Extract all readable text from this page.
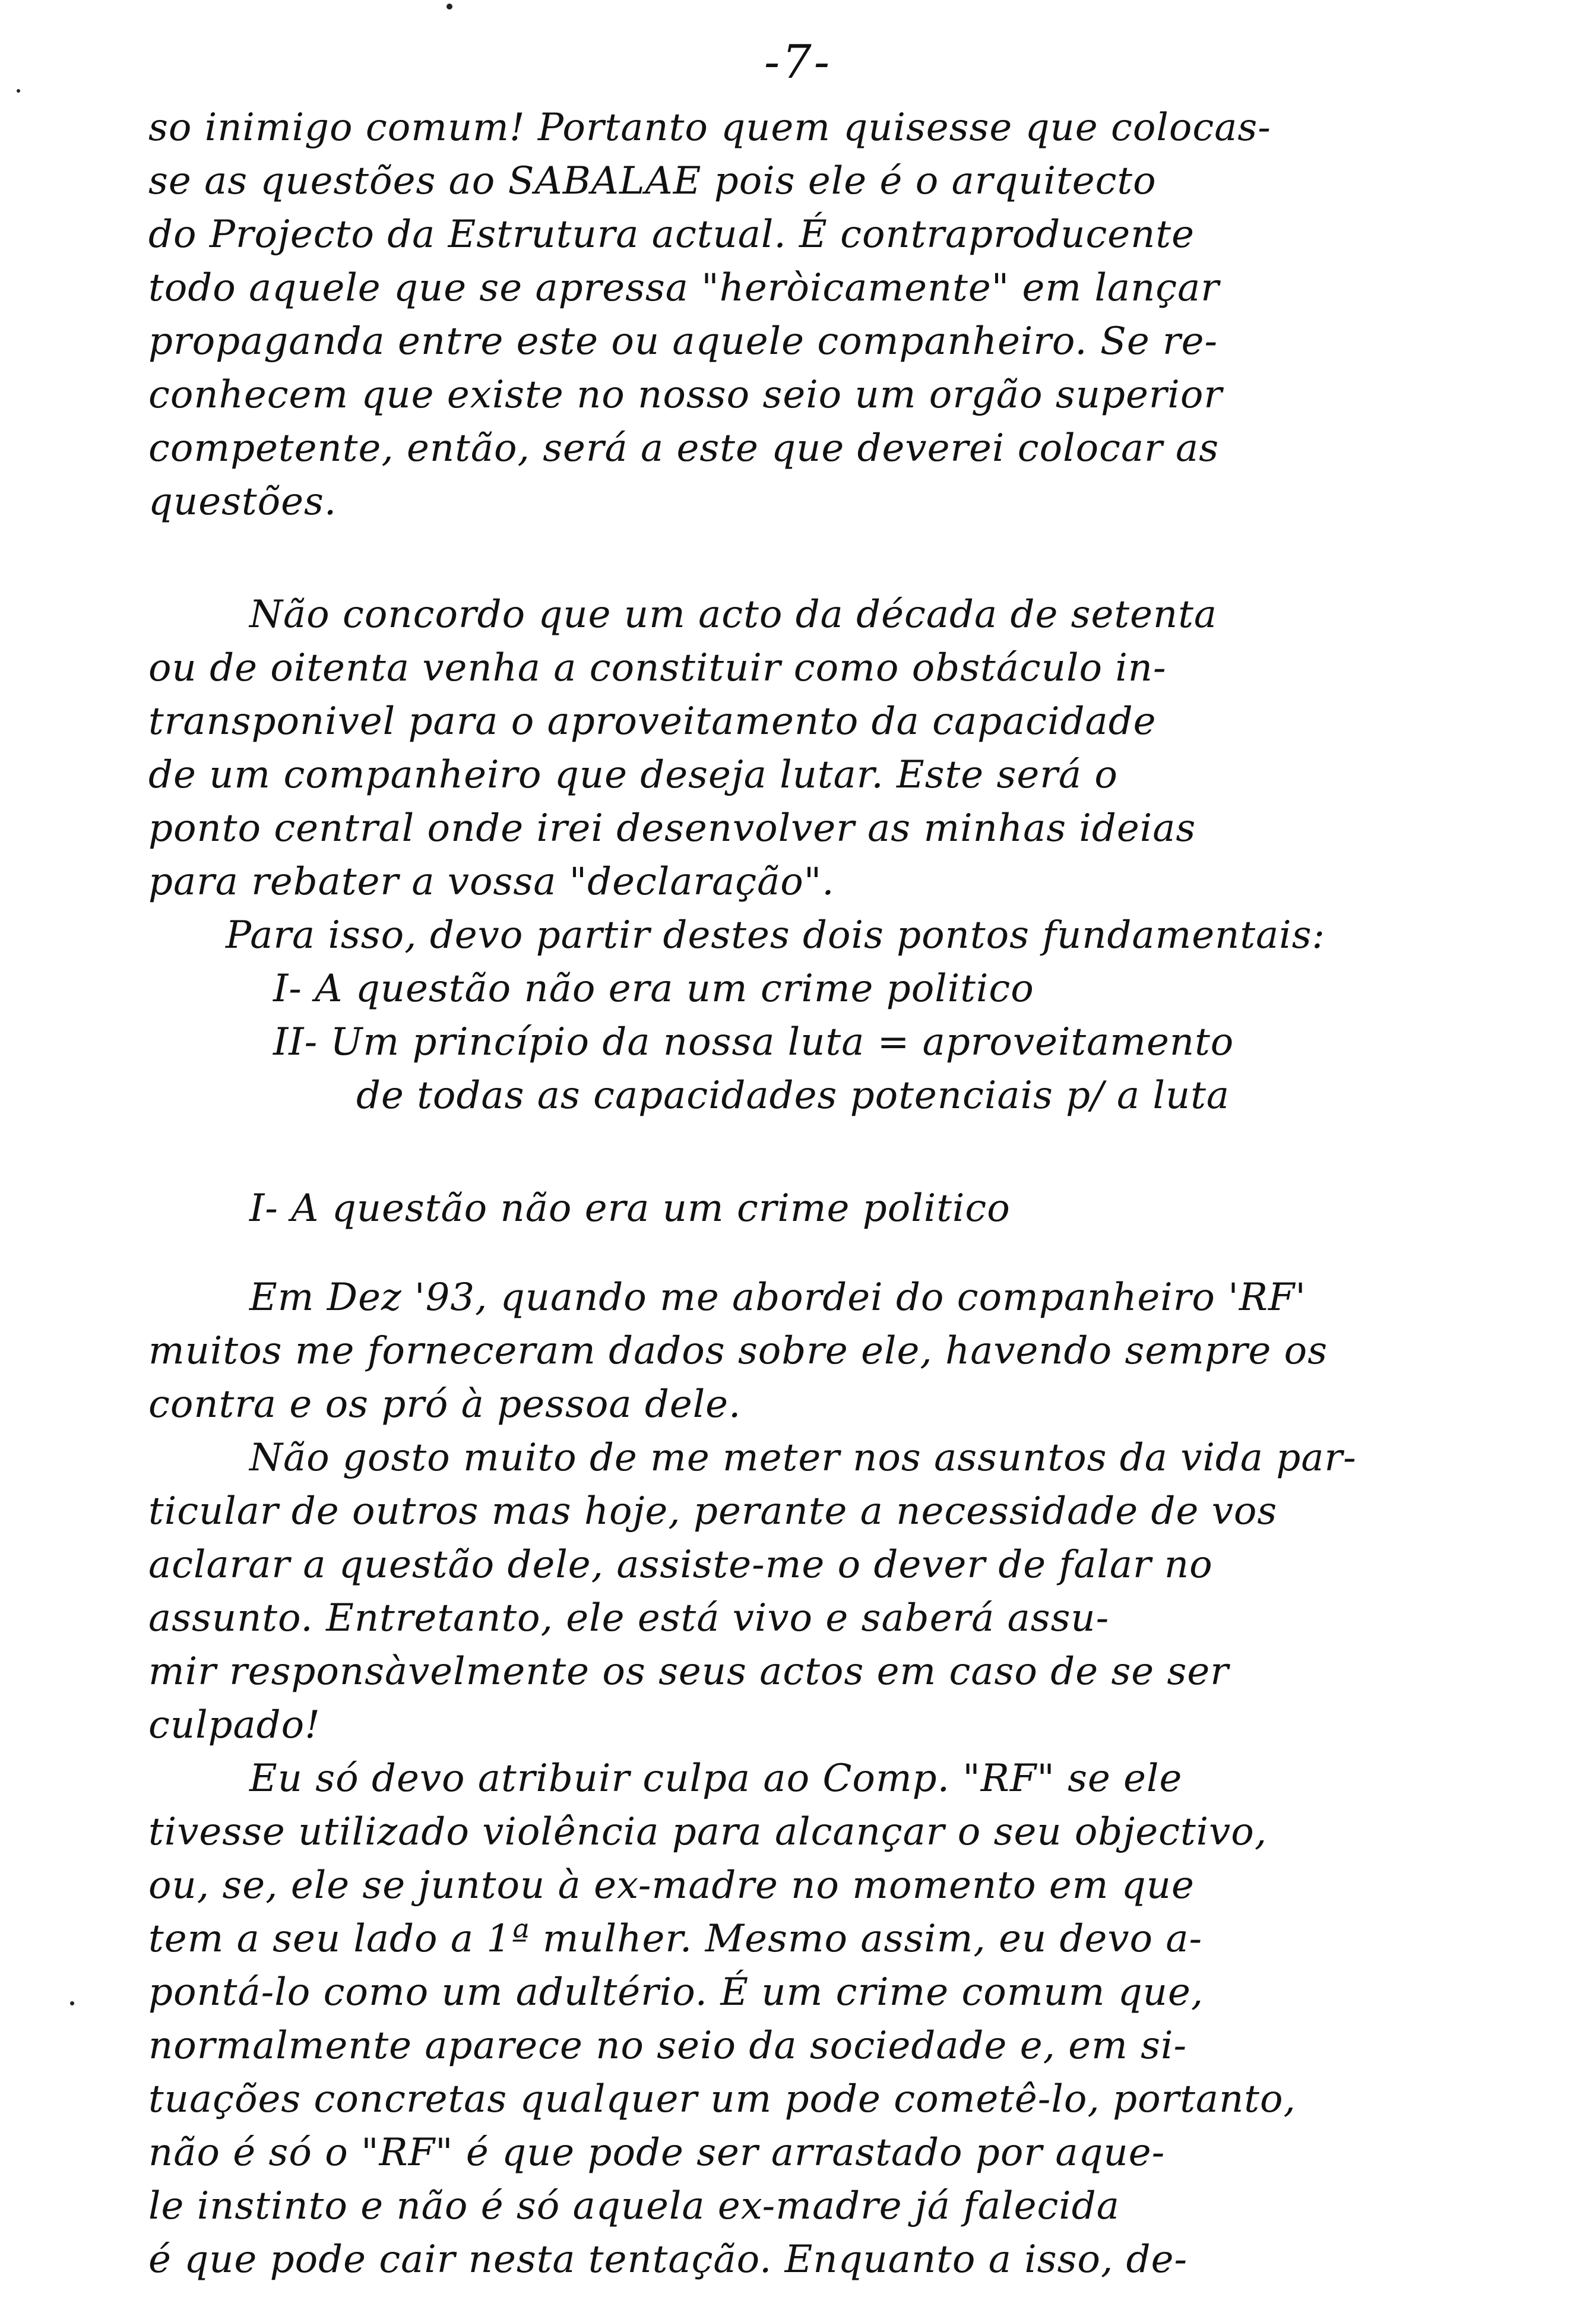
-7-
so inimigo comum! Portanto quem quisesse que colocas-
se as questões ao SABALAE pois ele é o arquitecto
do Projecto da Estrutura actual. É contraproducente
todo aquele que se apressa "heròicamente" em lançar
propaganda entre este ou aquele companheiro. Se re-
conhecem que existe no nosso seio um orgão superior
competente, então, será a este que deverei colocar as
questões.
Não concordo que um acto da década de setenta
ou de oitenta venha a constituir como obstáculo in-
transponivel para o aproveitamento da capacidade
de um companheiro que deseja lutar. Este será o
ponto central onde irei desenvolver as minhas ideias
para rebater a vossa "declaração".
Para isso, devo partir destes dois pontos fundamentais:
I- A questão não era um crime politico
II- Um princípio da nossa luta = aproveitamento
de todas as capacidades potenciais p/ a luta
I- A questão não era um crime politico
Em Dez '93, quando me abordei do companheiro 'RF'
muitos me forneceram dados sobre ele, havendo sempre os
contra e os pró à pessoa dele.
Não gosto muito de me meter nos assuntos da vida par-
ticular de outros mas hoje, perante a necessidade de vos
aclarar a questão dele, assiste-me o dever de falar no
assunto. Entretanto, ele está vivo e saberá assu-
mir responsàvelmente os seus actos em caso de se ser
culpado!
Eu só devo atribuir culpa ao Comp. "RF" se ele
tivesse utilizado violência para alcançar o seu objectivo,
ou, se, ele se juntou à ex-madre no momento em que
tem a seu lado a 1ª mulher. Mesmo assim, eu devo a-
pontá-lo como um adultério. É um crime comum que,
normalmente aparece no seio da sociedade e, em si-
tuações concretas qualquer um pode cometê-lo, portanto,
não é só o "RF" é que pode ser arrastado por aque-
le instinto e não é só aquela ex-madre já falecida
é que pode cair nesta tentação. Enquanto a isso, de-
